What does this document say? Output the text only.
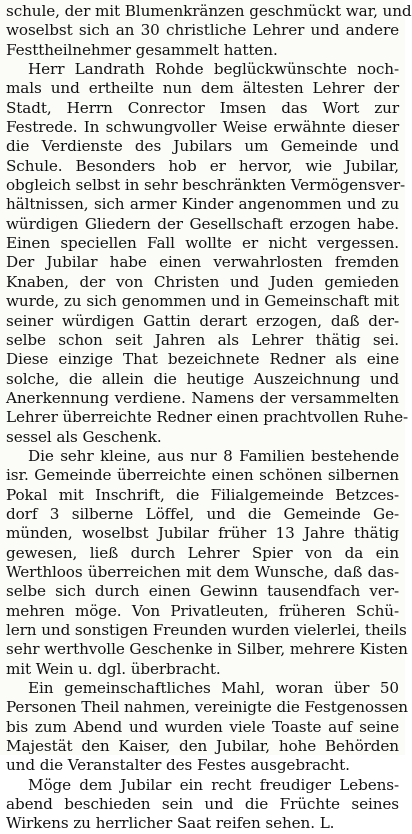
schule, der mit Blumenkränzen geschmückt war, und
woselbst sich an 30 christliche Lehrer und andere
Festtheilnehmer gesammelt hatten.
Herr Landrath Rohde beglückwünschte noch-
mals und ertheilte nun dem ältesten Lehrer der
Stadt, Herrn Conrector Imsen das Wort zur
Festrede. In schwungvoller Weise erwähnte dieser
die Verdienste des Jubilars um Gemeinde und
Schule. Besonders hob er hervor, wie Jubilar,
obgleich selbst in sehr beschränkten Vermögensver-
hältnissen, sich armer Kinder angenommen und zu
würdigen Gliedern der Gesellschaft erzogen habe.
Einen speciellen Fall wollte er nicht vergessen.
Der Jubilar habe einen verwahrlosten fremden
Knaben, der von Christen und Juden gemieden
wurde, zu sich genommen und in Gemeinschaft mit
seiner würdigen Gattin derart erzogen, daß der-
selbe schon seit Jahren als Lehrer thätig sei.
Diese einzige That bezeichnete Redner als eine
solche, die allein die heutige Auszeichnung und
Anerkennung verdiene. Namens der versammelten
Lehrer überreichte Redner einen prachtvollen Ruhe-
sessel als Geschenk.
Die sehr kleine, aus nur 8 Familien bestehende
isr. Gemeinde überreichte einen schönen silbernen
Pokal mit Inschrift, die Filialgemeinde Betzces-
dorf 3 silberne Löffel, und die Gemeinde Ge-
münden, woselbst Jubilar früher 13 Jahre thätig
gewesen, ließ durch Lehrer Spier von da ein
Werthloos überreichen mit dem Wunsche, daß das-
selbe sich durch einen Gewinn tausendfach ver-
mehren möge. Von Privatleuten, früheren Schü-
lern und sonstigen Freunden wurden vielerlei, theils
sehr werthvolle Geschenke in Silber, mehrere Kisten
mit Wein u. dgl. überbracht.
Ein gemeinschaftliches Mahl, woran über 50
Personen Theil nahmen, vereinigte die Festgenossen
bis zum Abend und wurden viele Toaste auf seine
Majestät den Kaiser, den Jubilar, hohe Behörden
und die Veranstalter des Festes ausgebracht.
Möge dem Jubilar ein recht freudiger Lebens-
abend beschieden sein und die Früchte seines
Wirkens zu herrlicher Saat reifen sehen. L.
